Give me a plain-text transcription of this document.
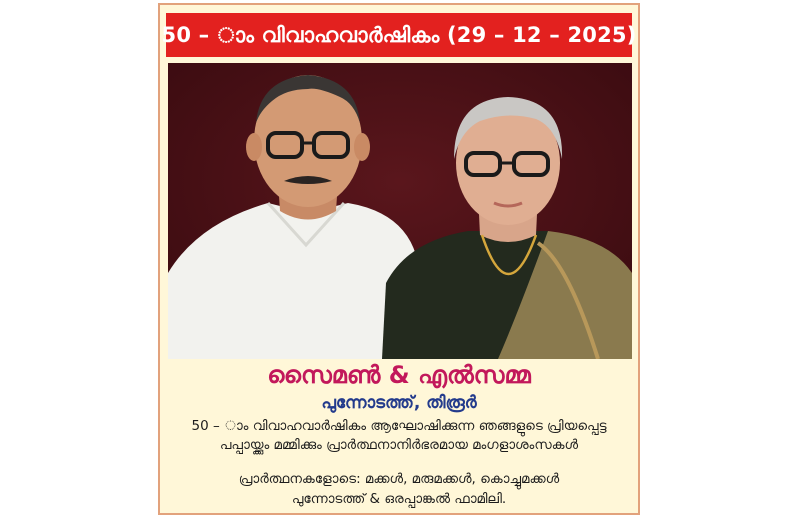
50 – ാം വിവാഹവാർഷികം (29 – 12 – 2025)
സൈമൺ & എൽസമ്മ
പുന്നോടത്ത്, തിരൂർ
50 – ാം വിവാഹവാർഷികം ആഘോഷിക്കുന്ന ഞങ്ങളുടെ പ്രിയപ്പെട്ട
പപ്പായ്ക്കും മമ്മിക്കും പ്രാർത്ഥനാനിർഭരമായ മംഗളാശംസകൾ
പ്രാർത്ഥനകളോടെ: മക്കൾ, മരുമക്കൾ, കൊച്ചുമക്കൾ
പുന്നോടത്ത് & ഒരപ്പാങ്കൽ ഫാമിലി.
